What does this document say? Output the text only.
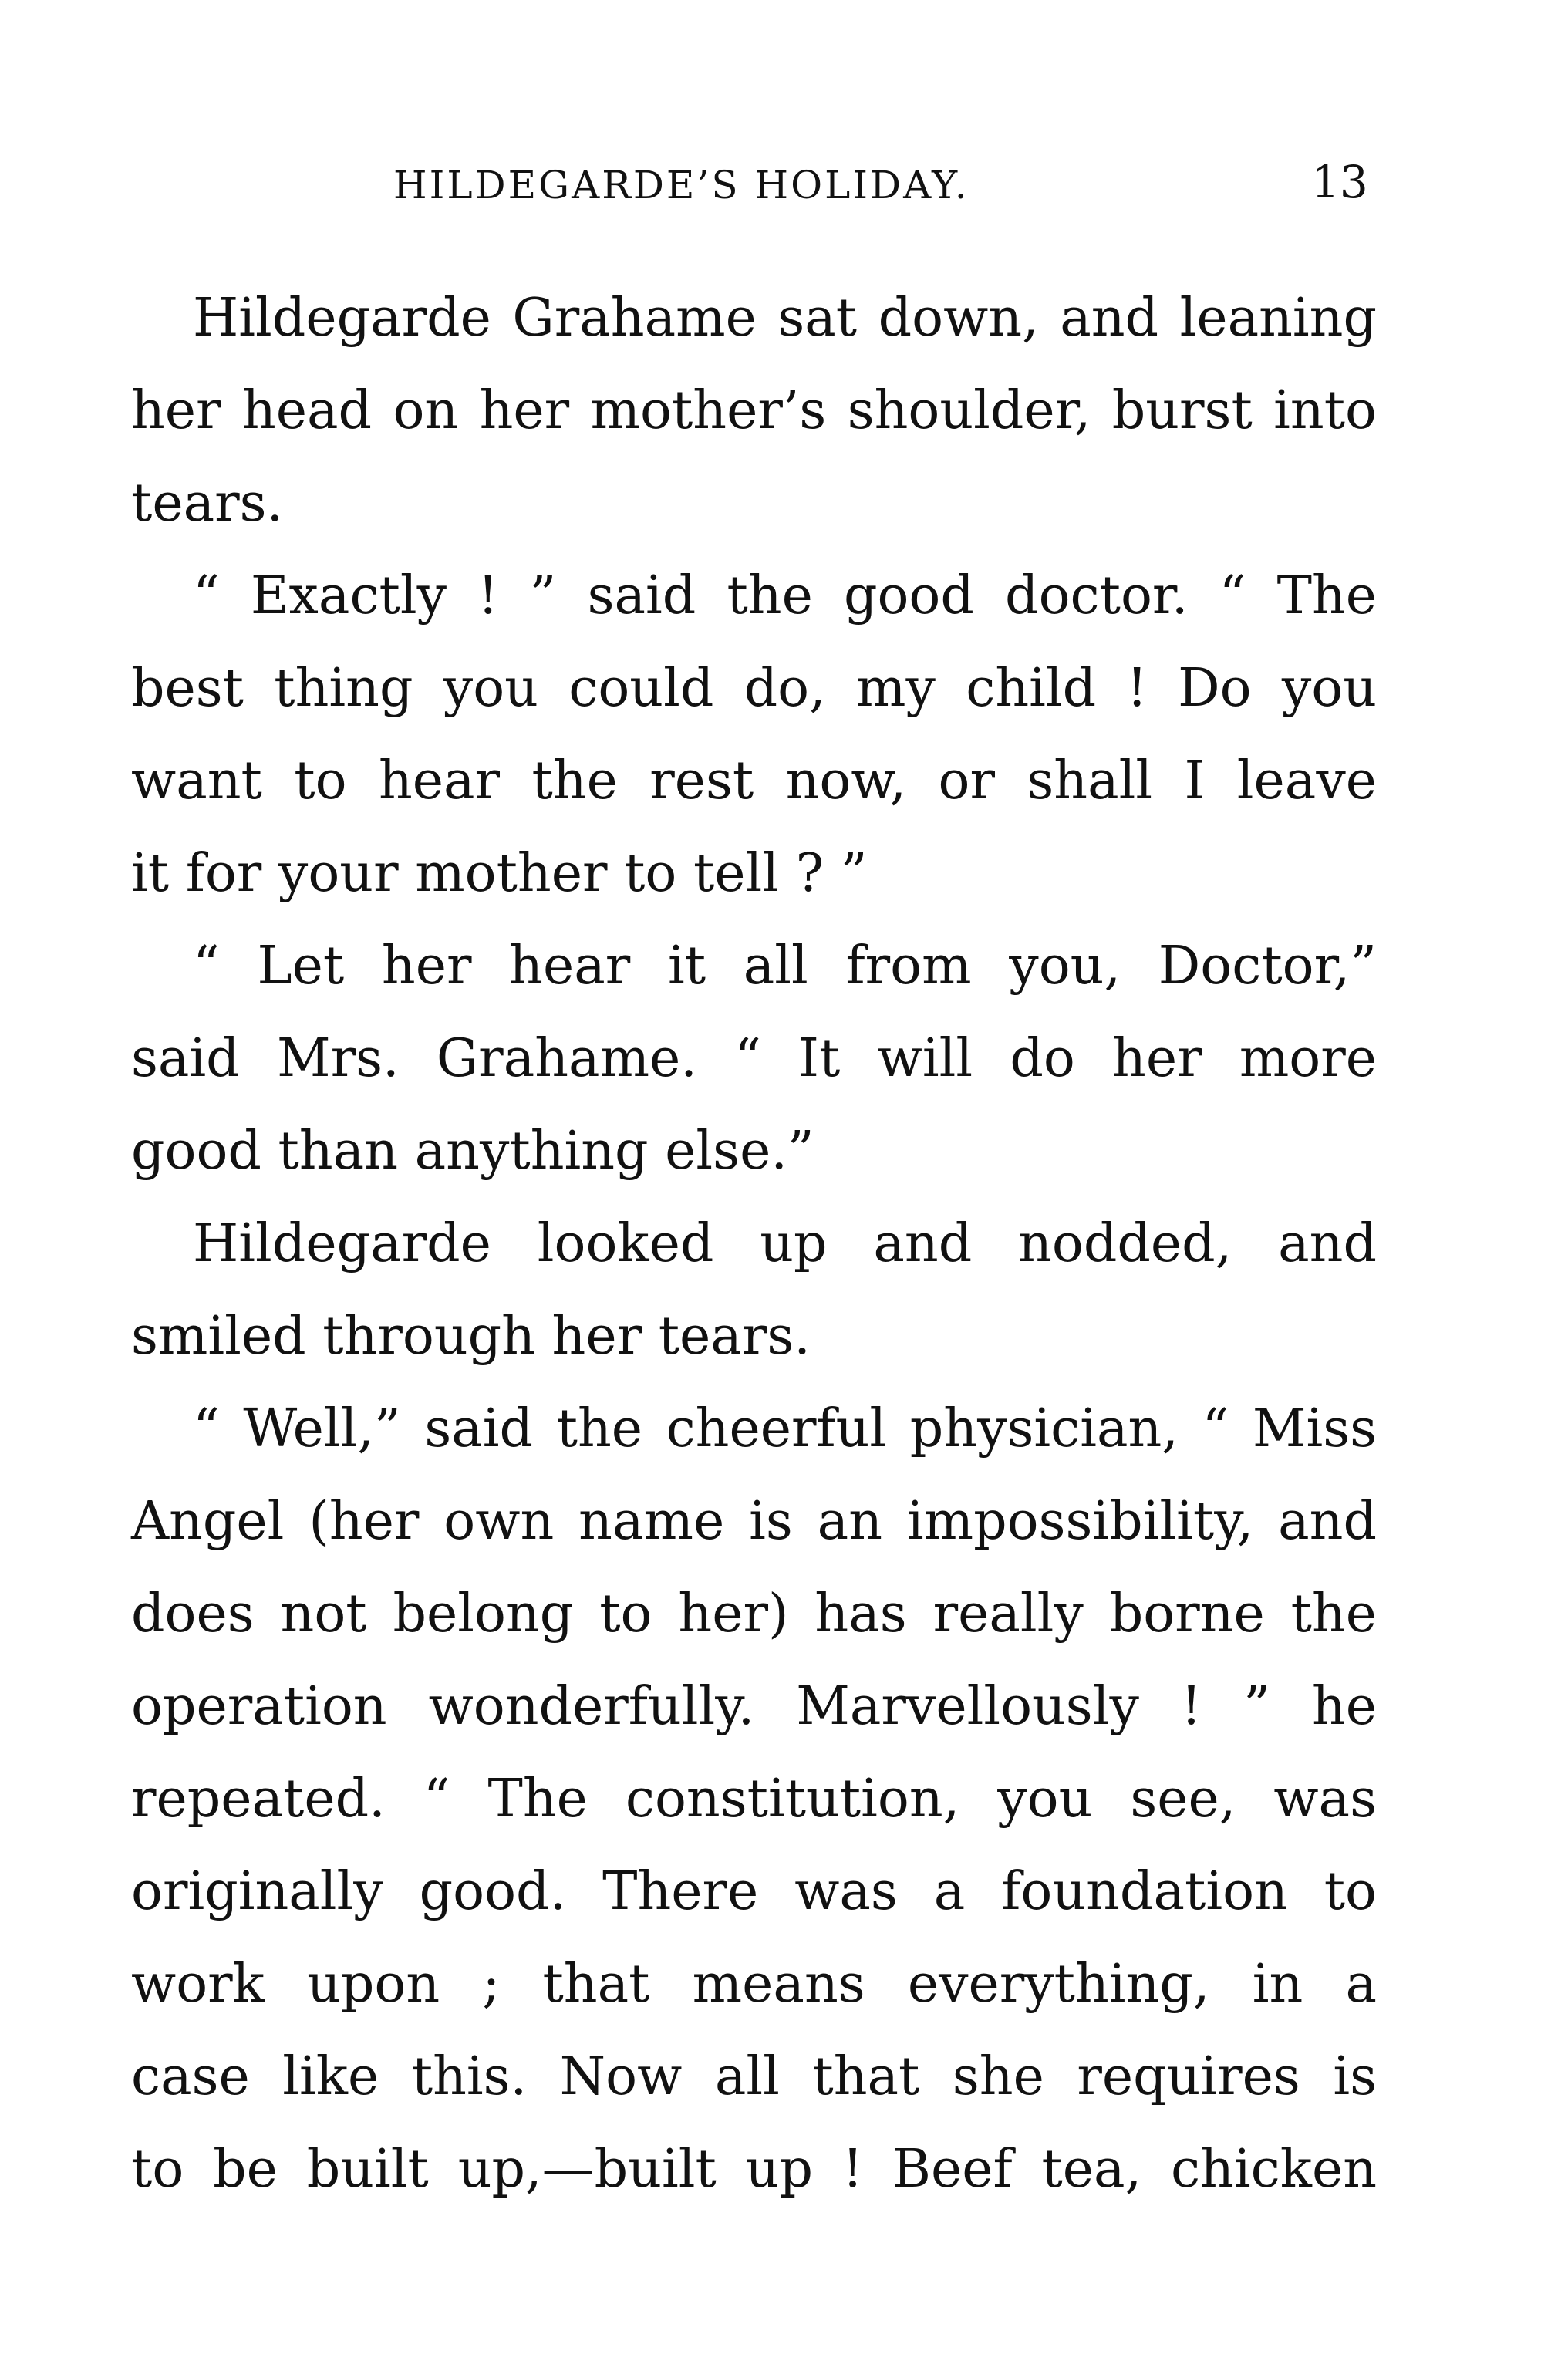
HILDEGARDE’S HOLIDAY.	13
Hildegarde Grahame sat down, and leaning
her head on her mother’s shoulder, burst into
tears.
“ Exactly ! ” said the good doctor. “ The
best thing you could do, my child ! Do you
want to hear the rest now, or shall I leave
it for your mother to tell ? ”
“ Let her hear it all from you, Doctor,”
said Mrs. Grahame. “ It will do her more
good than anything else.”
Hildegarde looked up and nodded, and
smiled through her tears.
“ Well,” said the cheerful physician, “ Miss
Angel (her own name is an impossibility, and
does not belong to her) has really borne the
operation wonderfully. Marvellously ! ” he
repeated. “ The constitution, you see, was
originally good. There was a foundation to
work upon ; that means everything, in a
case like this. Now all that she requires is
to be built up,—built up ! Beef tea, chicken
